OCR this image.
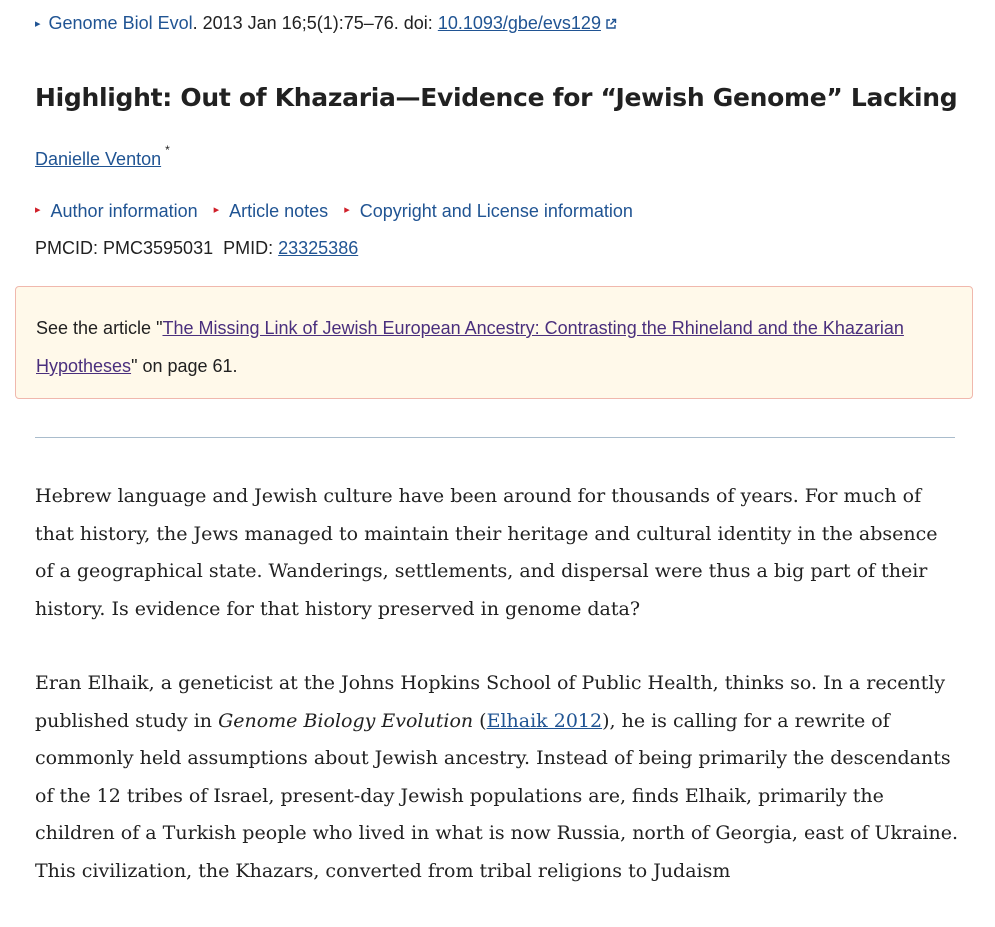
▸ Genome Biol Evol. 2013 Jan 16;5(1):75–76. doi: 10.1093/gbe/evs129
Highlight: Out of Khazaria—Evidence for “Jewish Genome” Lacking
Danielle Venton *
▸ Author information ▸ Article notes ▸ Copyright and License information
PMCID: PMC3595031 PMID: 23325386
See the article "The Missing Link of Jewish European Ancestry: Contrasting the Rhineland and the Khazarian Hypotheses" on page 61.

Hebrew language and Jewish culture have been around for thousands of years. For much of that history, the Jews managed to maintain their heritage and cultural identity in the absence of a geographical state. Wanderings, settlements, and dispersal were thus a big part of their history. Is evidence for that history preserved in genome data?

Eran Elhaik, a geneticist at the Johns Hopkins School of Public Health, thinks so. In a recently published study in Genome Biology Evolution (Elhaik 2012), he is calling for a rewrite of commonly held assumptions about Jewish ancestry. Instead of being primarily the descendants of the 12 tribes of Israel, present-day Jewish populations are, finds Elhaik, primarily the children of a Turkish people who lived in what is now Russia, north of Georgia, east of Ukraine. This civilization, the Khazars, converted from tribal religions to Judaism
